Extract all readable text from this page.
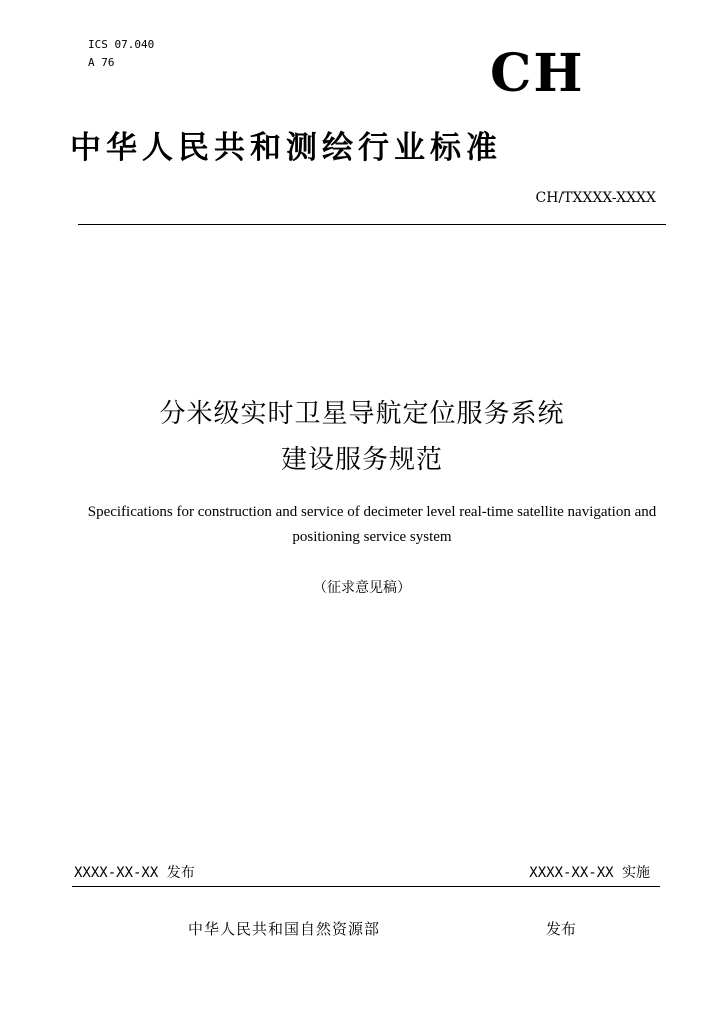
ICS 07.040
A 76	CH
中华人民共和测绘行业标准
CH/TXXXX-XXXX
分米级实时卫星导航定位服务系统
建设服务规范
Specifications for construction and service of decimeter level real-time satellite navigation and positioning service system
（征求意见稿）
XXXX-XX-XX 发布	XXXX-XX-XX 实施
中华人民共和国自然资源部	发布
